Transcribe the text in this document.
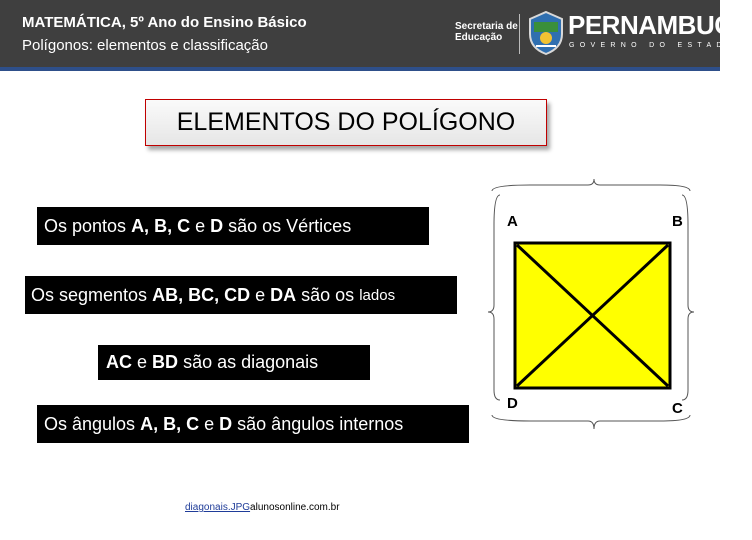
MATEMÁTICA, 5º Ano do Ensino Básico
Polígonos: elementos e classificação
Secretaria de
Educação	PERNAMBUCO
GOVERNO DO ESTADO
ELEMENTOS DO POLÍGONO
Os pontos
A, B, C
e
D
são os Vértices
Os segmentos
AB, BC, CD
e
DA
são os
lados
AC
e
BD
são as diagonais
Os ângulos
A, B, C
e
D
são ângulos internos
A	B
D	C
diagonais.JPGalunosonline.com.br
